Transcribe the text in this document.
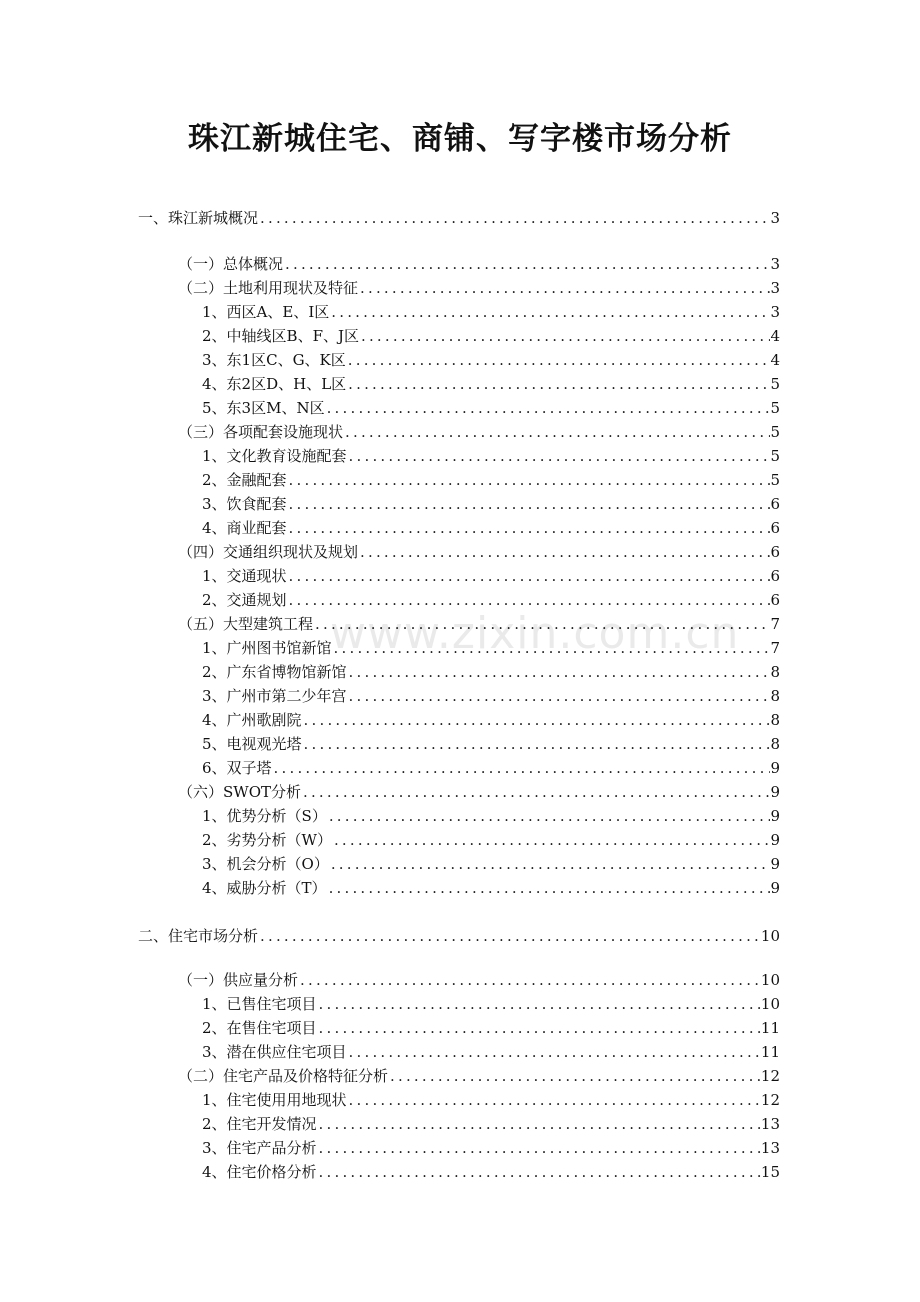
珠江新城住宅、商铺、写字楼市场分析
www.zixin.com.cn
一、珠江新城概况 .....	3
（一）总体概况 .....	3
（二）土地利用现状及特征 .....	3
1、西区A、E、I区 .....	3
2、中轴线区B、F、J区 .....	4
3、东1区C、G、K区 .....	4
4、东2区D、H、L区 .....	5
5、东3区M、N区 .....	5
（三）各项配套设施现状 .....	5
1、文化教育设施配套 .....	5
2、金融配套 .....	5
3、饮食配套 .....	6
4、商业配套 .....	6
（四）交通组织现状及规划 .....	6
1、交通现状 .....	6
2、交通规划 .....	6
（五）大型建筑工程 .....	7
1、广州图书馆新馆 .....	7
2、广东省博物馆新馆 .....	8
3、广州市第二少年宫 .....	8
4、广州歌剧院 .....	8
5、电视观光塔 .....	8
6、双子塔 .....	9
（六）SWOT分析 .....	9
1、优势分析（S） .....	9
2、劣势分析（W） .....	9
3、机会分析（O） .....	9
4、威胁分析（T） .....	9
二、住宅市场分析 .....	10
（一）供应量分析 .....	10
1、已售住宅项目 .....	10
2、在售住宅项目 .....	11
3、潜在供应住宅项目 .....	11
（二）住宅产品及价格特征分析 .....	12
1、住宅使用用地现状 .....	12
2、住宅开发情况 .....	13
3、住宅产品分析 .....	13
4、住宅价格分析 .....	15
